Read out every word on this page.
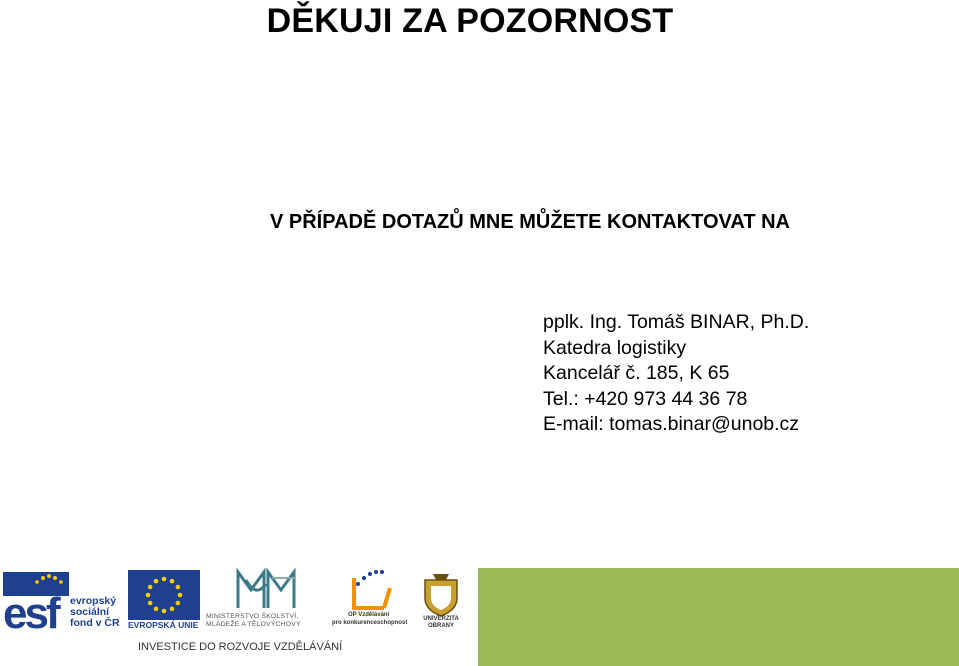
DĚKUJI ZA POZORNOST
V PŘÍPADĚ DOTAZŮ MNE MŮŽETE KONTAKTOVAT NA
pplk. Ing. Tomáš BINAR, Ph.D.
Katedra logistiky
Kancelář č. 185, K 65
Tel.: +420 973 44 36 78
E-mail: tomas.binar@unob.cz
esf	evropský
sociální
fond v ČR EVROPSKÁ UNIE
MINISTERSTVO ŠKOLSTVÍ,
MLÁDEŽE A TĚLOVÝCHOVY
OP Vzdělávání
pro konkurenceschopnost
UNIVERZITA
OBRANY
INVESTICE DO ROZVOJE VZDĚLÁVÁNÍ
